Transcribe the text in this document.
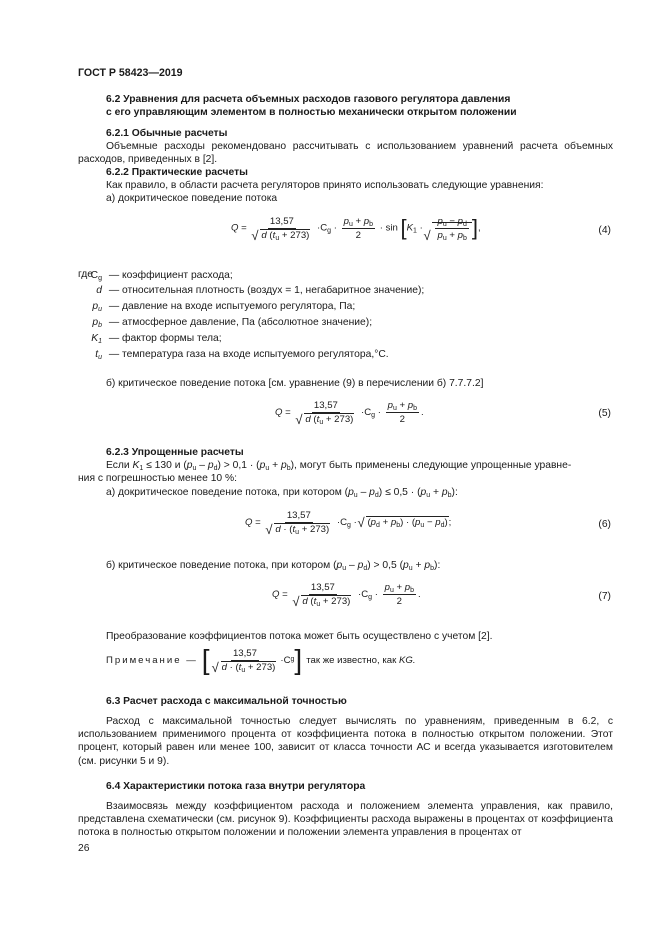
ГОСТ Р 58423—2019
6.2 Уравнения для расчета объемных расходов газового регулятора давления
с его управляющим элементом в полностью механически открытом положении
6.2.1 Обычные расчеты
Объемные расходы рекомендовано рассчитывать с использованием уравнений расчета объемных расходов, приведенных в [2].
6.2.2 Практические расчеты
Как правило, в области расчета регуляторов принято использовать следующие уравнения:
а) докритическое поведение потока
Q = 13,57
√ d $(t_u + 273) \cdot C_g \cdot \frac{p_u + p_b}{2} \cdot \sin [K_1$ ·
√ $\frac{p_u - p_d}{p_u + p_b}$ ],	(4)
где
$C_g$ — коэффициент расхода;
d — относительная плотность (воздух = 1, негабаритное значение);
$p_u$ — давление на входе испытуемого регулятора, Па;
$p_b$ — атмосферное давление, Па (абсолютное значение);
$K_1$ — фактор формы тела;
$t_u$ — температура газа на входе испытуемого регулятора,°С.
б) критическое поведение потока [см. уравнение (9) в перечислении б) 7.7.7.2]
Q = 13,57
√ d $(t_u + 273) \cdot C_g \cdot \frac{p_u + p_b}{2}$ .	(5)
6.2.3 Упрощенные расчеты
Если $K_1 \le 130$ и $(p_u - p_d) > 0,1 \cdot (p_u + p_b)$, могут быть применены следующие упрощенные уравне-
ния с погрешностью менее 10 %:
а) докритическое поведение потока, при котором $(p_u - p_d) \le 0,5 \cdot (p_u + p_b)$:
Q = 13,57
√ $d \cdot (t_u + 273) \cdot C_g$ · √ $(p_d + p_b) \cdot (p_u - p_d)$;	(6)
б) критическое поведение потока, при котором $(p_u - p_d) > 0,5$ $(p_u + p_b)$:
Q = 13,57
√ d $(t_u + 273) \cdot C_g \cdot \frac{p_u + p_b}{2}$ .	(7)
Преобразование коэффициентов потока может быть осуществлено с учетом [2].
Примечание — [ 13,57
√ $d \cdot (t_u + 273) \cdot C$ g ] так же известно, как
KG.
6.3 Расчет расхода с максимальной точностью
Расход с максимальной точностью следует вычислять по уравнениям, приведенным в 6.2, с использованием применимого процента от коэффициента потока в полностью открытом положении. Этот процент, который равен или менее 100, зависит от класса точности АС и всегда указывается изготовителем (см. рисунки 5 и 9).
6.4 Характеристики потока газа внутри регулятора
Взаимосвязь между коэффициентом расхода и положением элемента управления, как правило, представлена схематически (см. рисунок 9). Коэффициенты расхода выражены в процентах от коэффициента потока в полностью открытом положении и положении элемента управления в процентах от
26
